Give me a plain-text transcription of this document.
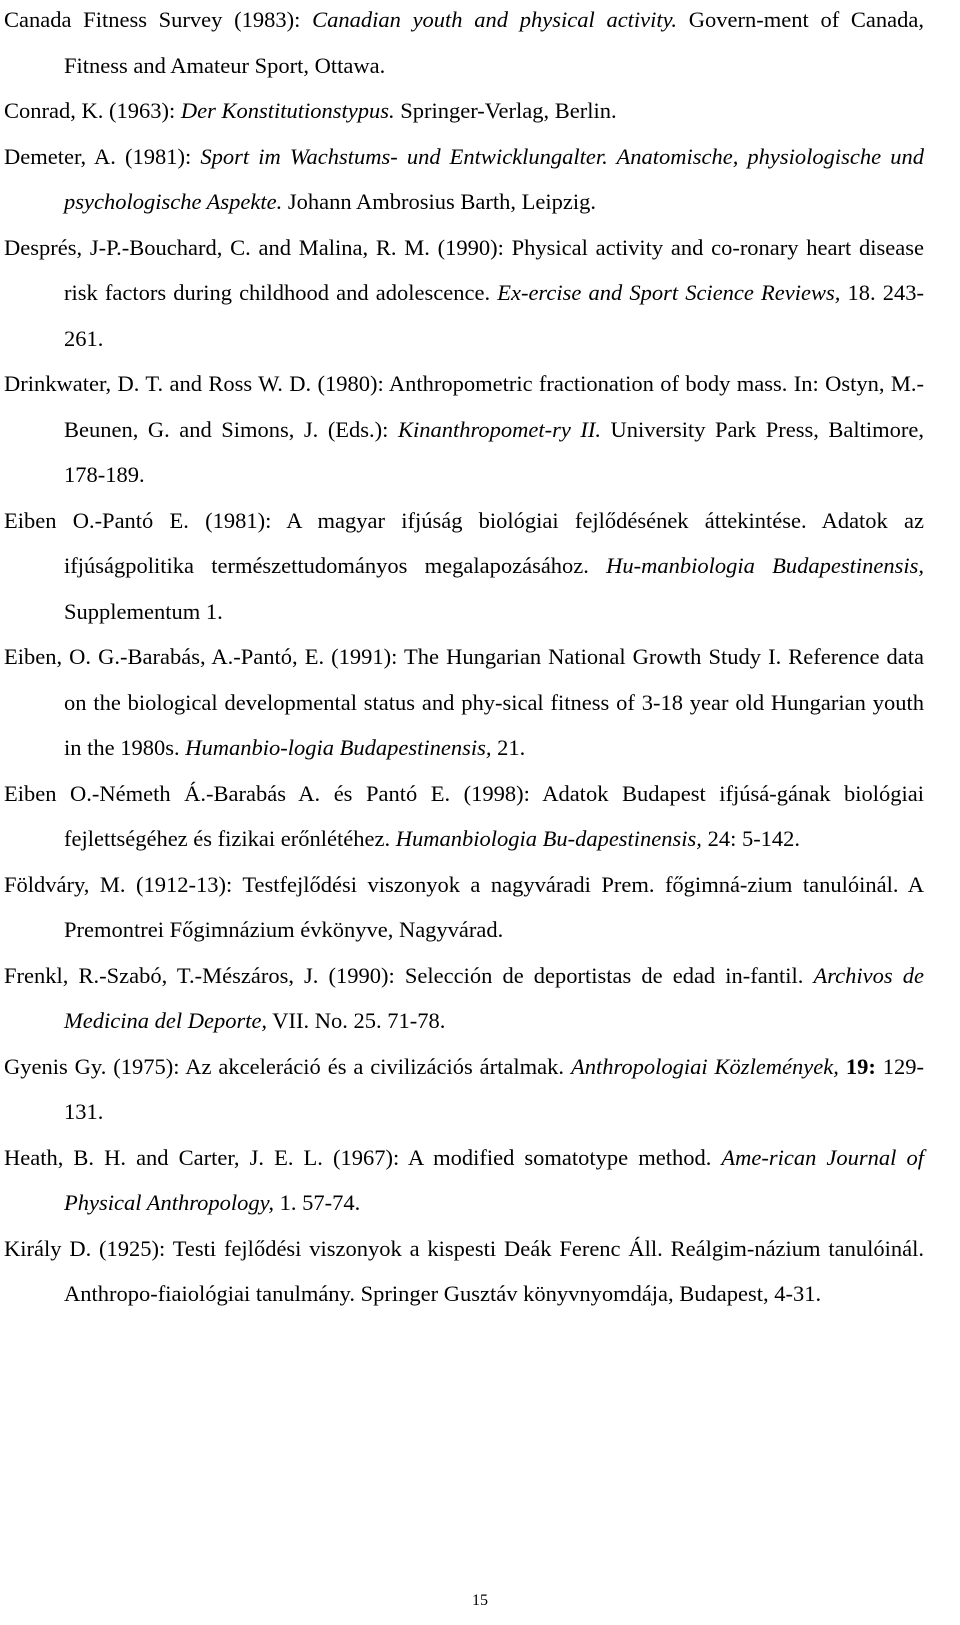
Canada Fitness Survey (1983): Canadian youth and physical activity. Govern-ment of Canada, Fitness and Amateur Sport, Ottawa.

Conrad, K. (1963): Der Konstitutionstypus. Springer-Verlag, Berlin.

Demeter, A. (1981): Sport im Wachstums- und Entwicklungalter. Anatomische, physiologische und psychologische Aspekte. Johann Ambrosius Barth, Leipzig.

Després, J-P.-Bouchard, C. and Malina, R. M. (1990): Physical activity and co-ronary heart disease risk factors during childhood and adolescence. Ex-ercise and Sport Science Reviews, 18. 243-261.

Drinkwater, D. T. and Ross W. D. (1980): Anthropometric fractionation of body mass. In: Ostyn, M.-Beunen, G. and Simons, J. (Eds.): Kinanthropomet-ry II. University Park Press, Baltimore, 178-189.

Eiben O.-Pantó E. (1981): A magyar ifjúság biológiai fejlődésének áttekintése. Adatok az ifjúságpolitika természettudományos megalapozásához. Hu-manbiologia Budapestinensis, Supplementum 1.

Eiben, O. G.-Barabás, A.-Pantó, E. (1991): The Hungarian National Growth Study I. Reference data on the biological developmental status and phy-sical fitness of 3-18 year old Hungarian youth in the 1980s. Humanbio-logia Budapestinensis, 21.

Eiben O.-Németh Á.-Barabás A. és Pantó E. (1998): Adatok Budapest ifjúsá-gának biológiai fejlettségéhez és fizikai erőnlétéhez. Humanbiologia Bu-dapestinensis, 24: 5-142.

Földváry, M. (1912-13): Testfejlődési viszonyok a nagyváradi Prem. főgimná-zium tanulóinál. A Premontrei Főgimnázium évkönyve, Nagyvárad.

Frenkl, R.-Szabó, T.-Mészáros, J. (1990): Selección de deportistas de edad in-fantil. Archivos de Medicina del Deporte, VII. No. 25. 71-78.

Gyenis Gy. (1975): Az akceleráció és a civilizációs ártalmak. Anthropologiai Közlemények, 19: 129-131.

Heath, B. H. and Carter, J. E. L. (1967): A modified somatotype method. Ame-rican Journal of Physical Anthropology, 1. 57-74.

Király D. (1925): Testi fejlődési viszonyok a kispesti Deák Ferenc Áll. Reálgim-názium tanulóinál. Anthropo-fiaiológiai tanulmány. Springer Gusztáv könyvnyomdája, Budapest, 4-31.

15
